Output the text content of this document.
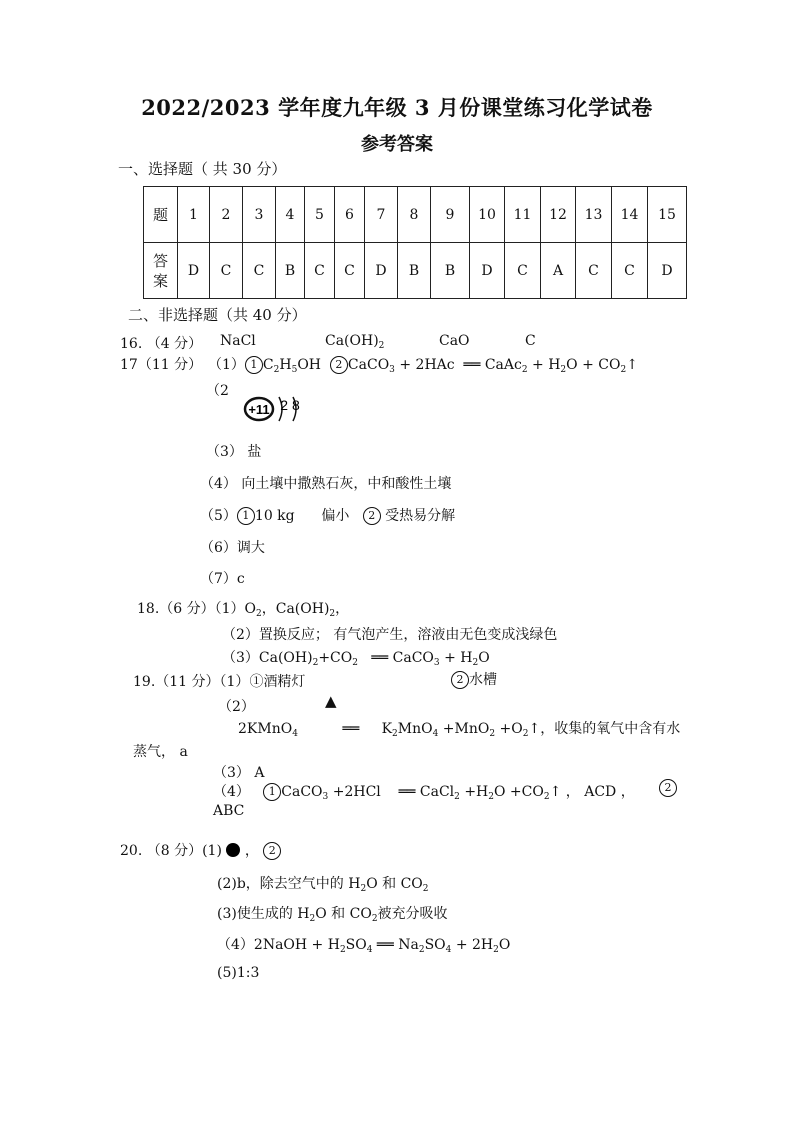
2022/2023 学年度九年级 3 月份课堂练习化学试卷
参考答案
一、选择题（ 共 30 分）
题	1	2	3	4	5	6	7	8	9	10	11	12	13	14	15
答
案	D	C	C	B	C	C	D	B	B	D	C	A	C	C	D
二、非选择题（共 40 分）
16. （4 分） NaCl	$Ca(OH)_2$	CaO	C
17（11 分） （1） 1 $C_2H_5OH$ 2 CaCO$_3$ + 2HAc ══ CaAc$_2$ + $H_2O$ + $CO_2↑$
（2
+11 2 8
（3） 盐
（4） 向土壤中撒熟石灰，中和酸性土壤
（5） 1 10 kg 偏小 2 受热易分解
（6）调大
（7）c
18.（6 分）$(1)O_2$，$Ca(OH)_2$，
（2）置换反应； 有气泡产生，溶液由无色变成浅绿色
$(3)Ca(OH)_2+CO_2$ ══ CaCO$_3$ + $H_2O$
19.（11 分）（1）①酒精灯	2 水槽
（2）	▲
2KMnO$_4$	══ $K_2MnO_4 +MnO_2$ $+O_2↑$，收集的氧气中含有水
蒸气， a
（3） A
（4） 1 CaCO$_3$ +2HCl ══ CaCl$_2$ $+H_2O$ $+CO_2↑$ ， ACD ，	2
ABC
20. （8 分）(1) ， 2
(2)b，除去空气中的 $H_2O$ 和 $CO_2$
(3)使生成的 $H_2O$ 和 $CO_2$被充分吸收
（4）2NaOH + $H_2SO_4$ ══ $Na_2SO_4 + 2H_2O$
(5)1:3
